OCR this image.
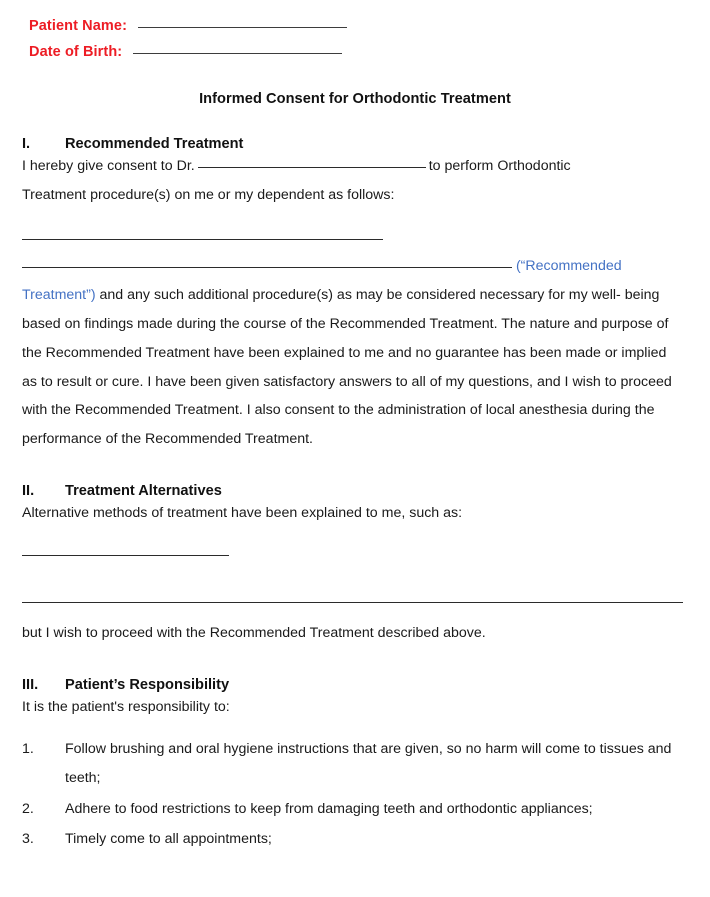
Patient Name:
Date of Birth:
Informed Consent for Orthodontic Treatment
I.	Recommended Treatment

I hereby give consent to Dr.	to perform Orthodontic
Treatment procedure(s) on me or my dependent as follows:

(“Recommended Treatment”) and any such additional procedure(s) as may be considered necessary for my well- being based on findings made during the course of the Recommended Treatment. The nature and purpose of the Recommended Treatment have been explained to me and no guarantee has been made or implied as to result or cure. I have been given satisfactory answers to all of my questions, and I wish to proceed with the Recommended Treatment. I also consent to the administration of local anesthesia during the performance of the Recommended Treatment.

II.	Treatment Alternatives

Alternative methods of treatment have been explained to me, such as:

but I wish to proceed with the Recommended Treatment described above.

III.	Patient’s Responsibility

It is the patient's responsibility to:

1.	Follow brushing and oral hygiene instructions that are given, so no harm will come to tissues and teeth;
2.	Adhere to food restrictions to keep from damaging teeth and orthodontic appliances;
3.	Timely come to all appointments;
